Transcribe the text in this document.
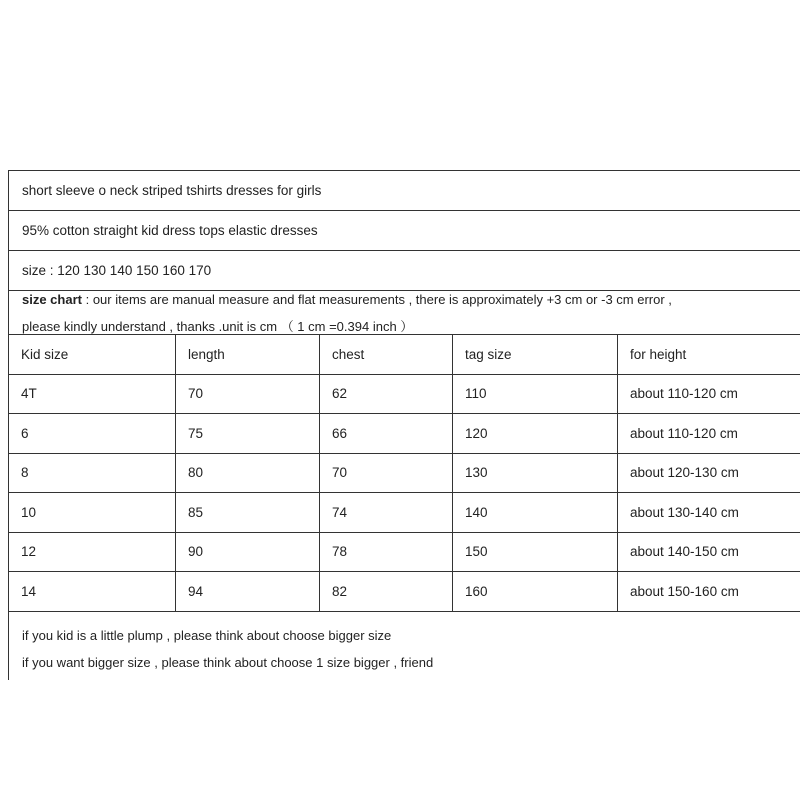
short sleeve o neck striped tshirts dresses for girls
95% cotton straight kid dress tops elastic dresses
size : 120 130 140 150 160 170
size chart : our items are manual measure and flat measurements , there is approximately +3 cm or -3 cm error ,
please kindly understand , thanks .unit is cm （ 1 cm =0.394 inch ）
Kid size	length	chest	tag size	for height
4T	70	62	110	about 110-120 cm
6	75	66	120	about 110-120 cm
8	80	70	130	about 120-130 cm
10	85	74	140	about 130-140 cm
12	90	78	150	about 140-150 cm
14	94	82	160	about 150-160 cm
if you kid is a little plump , please think about choose bigger size
if you want bigger size , please think about choose 1 size bigger , friend
